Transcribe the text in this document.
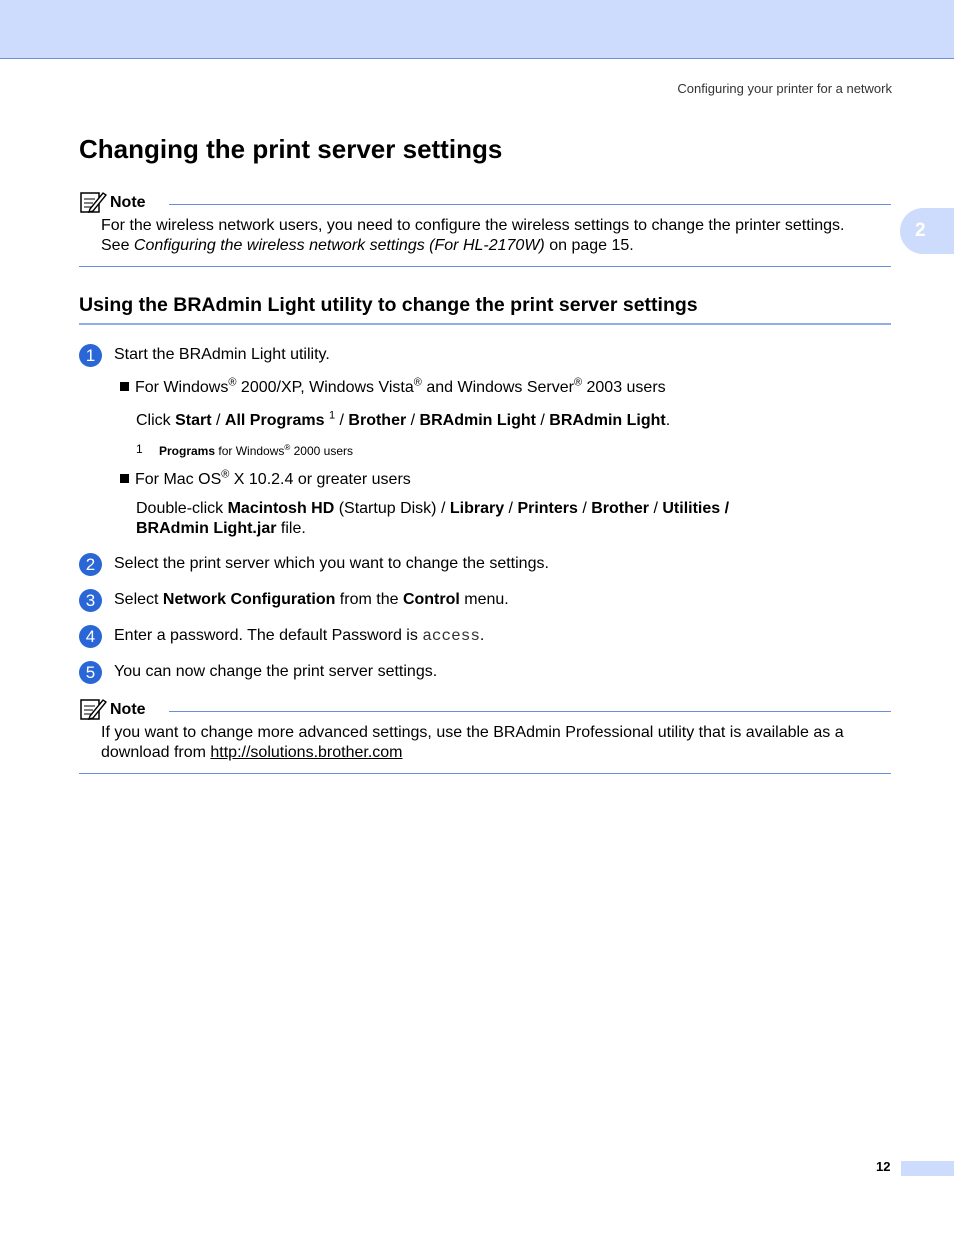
Configuring your printer for a network
2
Changing the print server settings
Note
For the wireless network users, you need to configure the wireless settings to change the printer settings.
See Configuring the wireless network settings (For HL-2170W) on page 15.
Using the BRAdmin Light utility to change the print server settings
1	Start the BRAdmin Light utility.
For Windows® 2000/XP, Windows Vista® and Windows Server® 2003 users
Click Start / All Programs $^1$ / Brother / BRAdmin Light / BRAdmin Light.
1 Programs for Windows® 2000 users
For Mac OS® X 10.2.4 or greater users
Double-click Macintosh HD (Startup Disk) / Library / Printers / Brother / Utilities /
BRAdmin Light.jar file.
2	Select the print server which you want to change the settings.
3	Select Network Configuration from the Control menu.
4	Enter a password. The default Password is access.
5	You can now change the print server settings.
Note
If you want to change more advanced settings, use the BRAdmin Professional utility that is available as a
download from http://solutions.brother.com
12
